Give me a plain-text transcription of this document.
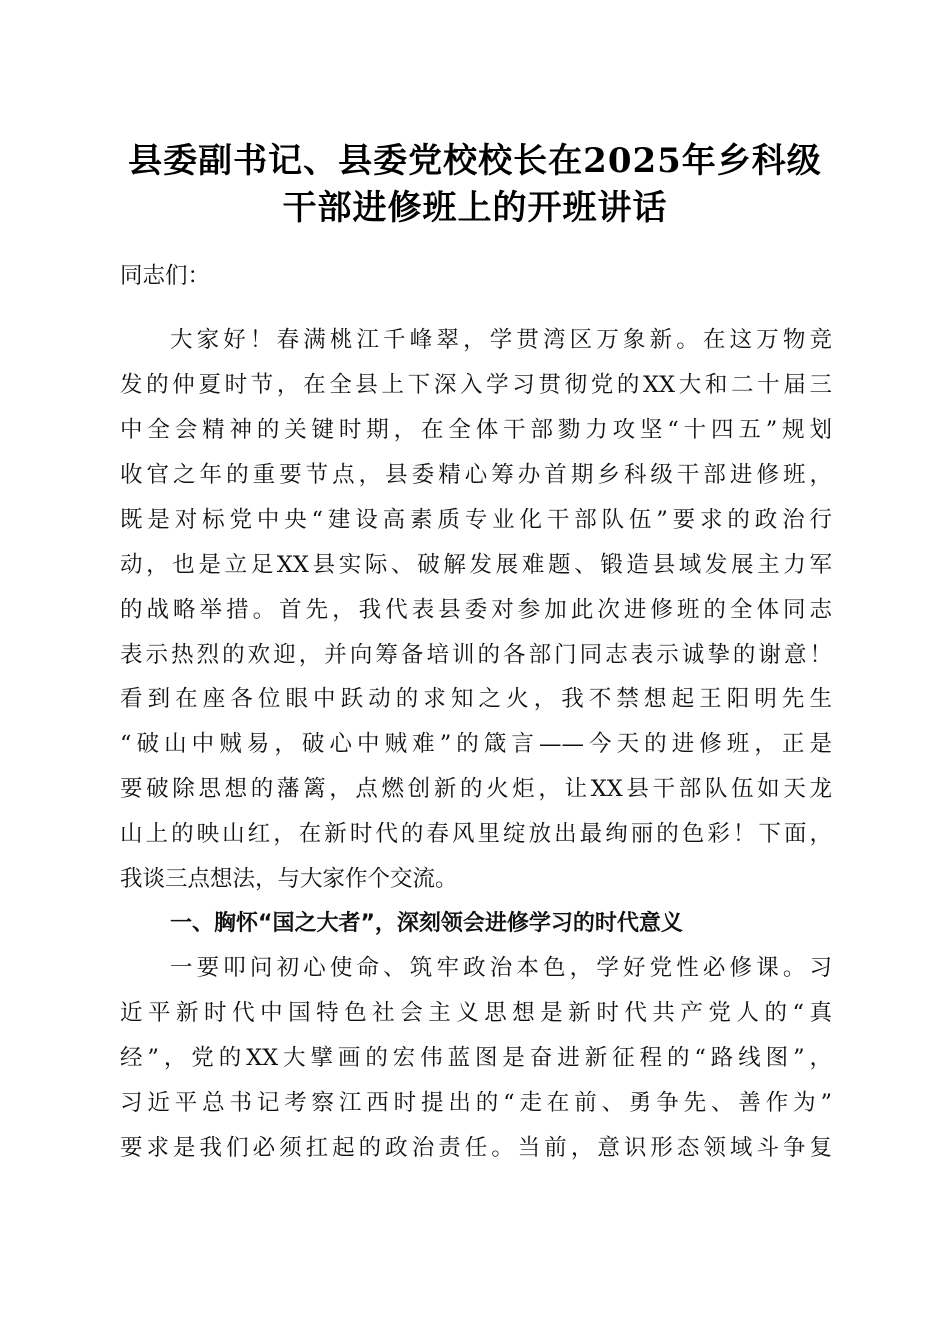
县委副书记、县委党校校长在2025年乡科级
干部进修班上的开班讲话
同志们：
大家好！春满桃江千峰翠，学贯湾区万象新。在这万物竞
发的仲夏时节，在全县上下深入学习贯彻党的XX大和二十届三
中全会精神的关键时期，在全体干部勠力攻坚“十四五”规划
收官之年的重要节点，县委精心筹办首期乡科级干部进修班，
既是对标党中央“建设高素质专业化干部队伍”要求的政治行
动，也是立足XX县实际、破解发展难题、锻造县域发展主力军
的战略举措。首先，我代表县委对参加此次进修班的全体同志
表示热烈的欢迎，并向筹备培训的各部门同志表示诚挚的谢意！
看到在座各位眼中跃动的求知之火，我不禁想起王阳明先生
“破山中贼易，破心中贼难”的箴言——今天的进修班，正是
要破除思想的藩篱，点燃创新的火炬，让XX县干部队伍如天龙
山上的映山红，在新时代的春风里绽放出最绚丽的色彩！下面，
我谈三点想法，与大家作个交流。
一、胸怀“国之大者”，深刻领会进修学习的时代意义
一要叩问初心使命、筑牢政治本色，学好党性必修课。习
近平新时代中国特色社会主义思想是新时代共产党人的“真
经”，党的XX大擘画的宏伟蓝图是奋进新征程的“路线图”，
习近平总书记考察江西时提出的“走在前、勇争先、善作为”
要求是我们必须扛起的政治责任。当前，意识形态领域斗争复
